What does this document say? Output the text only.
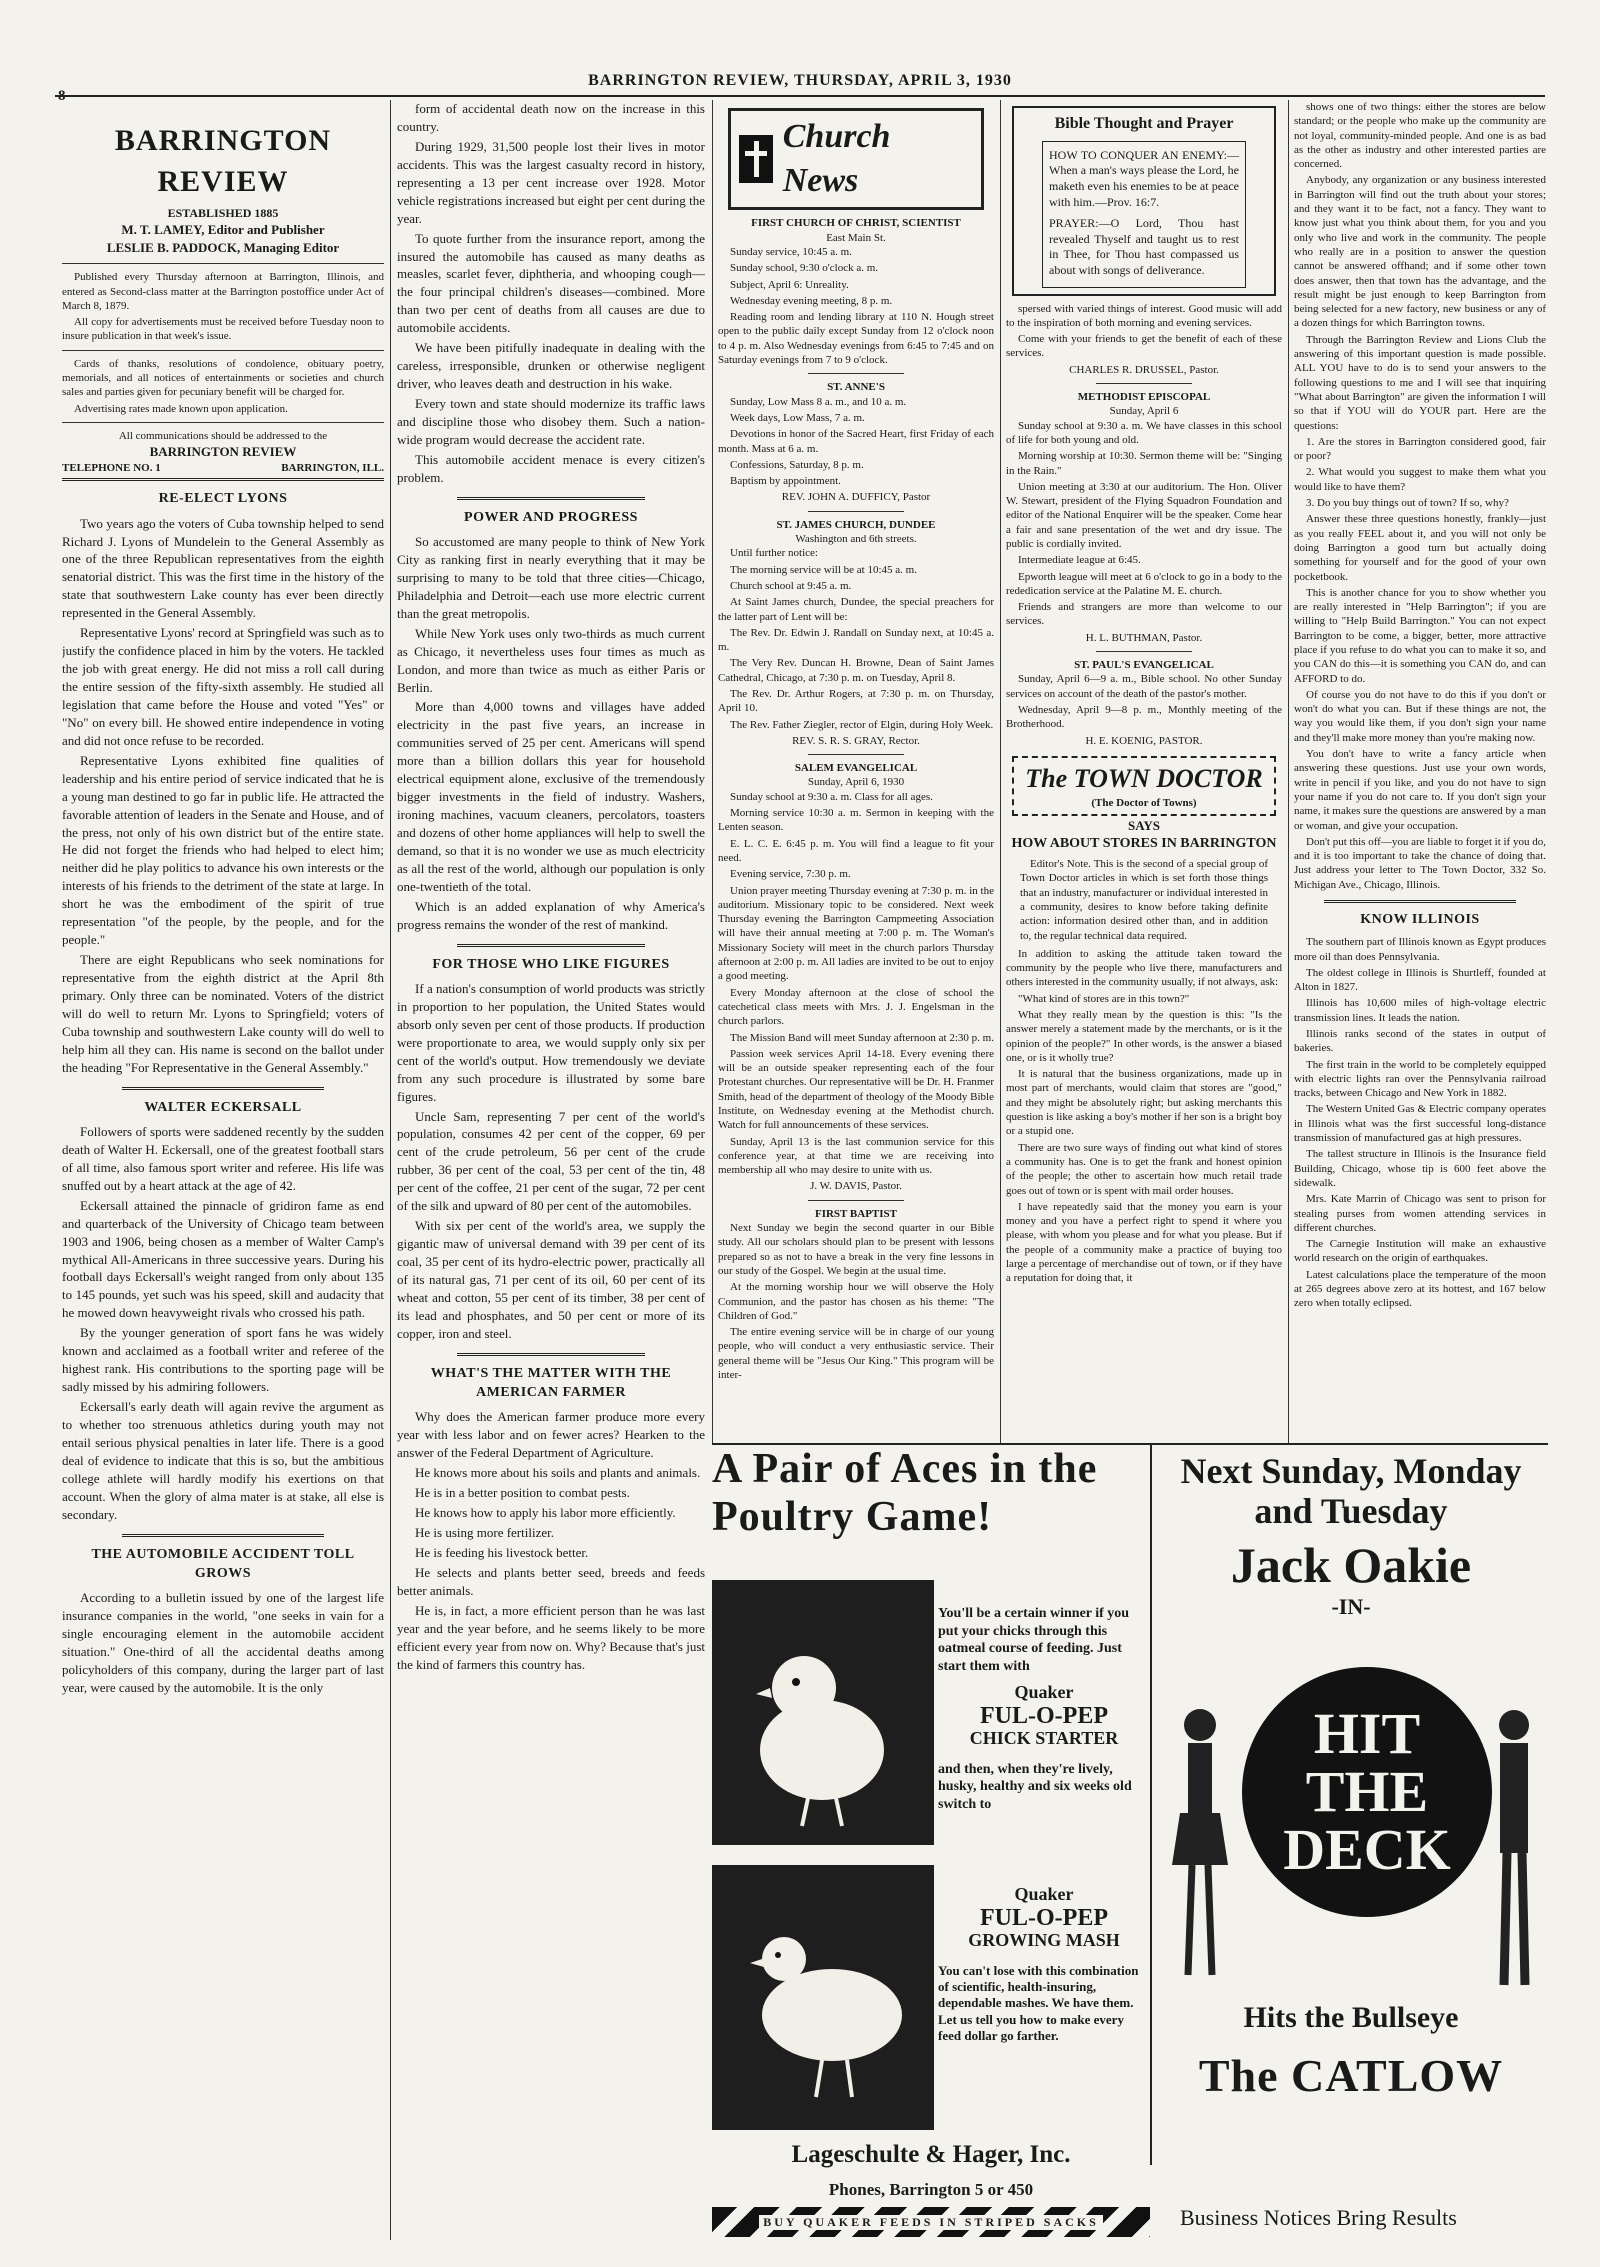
BARRINGTON REVIEW, THURSDAY, APRIL 3, 1930
BARRINGTON REVIEW
ESTABLISHED 1885
M. T. LAMEY, Editor and Publisher
LESLIE B. PADDOCK, Managing Editor

Published every Thursday afternoon at Barrington, Illinois, and entered as Second-class matter at the Barrington postoffice under Act of March 8, 1879.

All copy for advertisements must be received before Tuesday noon to insure publication in that week's issue.

Cards of thanks, resolutions of condolence, obituary poetry, memorials, and all notices of entertainments or societies and church sales and parties given for pecuniary benefit will be charged for.

Advertising rates made known upon application.

All communications should be addressed to the
BARRINGTON REVIEW
TELEPHONE NO. 1	BARRINGTON, ILL.
RE-ELECT LYONS

Two years ago the voters of Cuba township helped to send Richard J. Lyons of Mundelein to the General Assembly as one of the three Republican representatives from the eighth senatorial district. This was the first time in the history of the state that southwestern Lake county has ever been directly represented in the General Assembly.

Representative Lyons' record at Springfield was such as to justify the confidence placed in him by the voters. He tackled the job with great energy. He did not miss a roll call during the entire session of the fifty-sixth assembly. He studied all legislation that came before the House and voted "Yes" or "No" on every bill. He showed entire independence in voting and did not once refuse to be recorded.

Representative Lyons exhibited fine qualities of leadership and his entire period of service indicated that he is a young man destined to go far in public life. He attracted the favorable attention of leaders in the Senate and House, and of the press, not only of his own district but of the entire state. He did not forget the friends who had helped to elect him; neither did he play politics to advance his own interests or the interests of his friends to the detriment of the state at large. In short he was the embodiment of the spirit of true representation "of the people, by the people, and for the people."

There are eight Republicans who seek nominations for representative from the eighth district at the April 8th primary. Only three can be nominated. Voters of the district will do well to return Mr. Lyons to Springfield; voters of Cuba township and southwestern Lake county will do well to help him all they can. His name is second on the ballot under the heading "For Representative in the General Assembly."

WALTER ECKERSALL

Followers of sports were saddened recently by the sudden death of Walter H. Eckersall, one of the greatest football stars of all time, also famous sport writer and referee. His life was snuffed out by a heart attack at the age of 42.

Eckersall attained the pinnacle of gridiron fame as end and quarterback of the University of Chicago team between 1903 and 1906, being chosen as a member of Walter Camp's mythical All-Americans in three successive years. During his football days Eckersall's weight ranged from only about 135 to 145 pounds, yet such was his speed, skill and audacity that he mowed down heavyweight rivals who crossed his path.

By the younger generation of sport fans he was widely known and acclaimed as a football writer and referee of the highest rank. His contributions to the sporting page will be sadly missed by his admiring followers.

Eckersall's early death will again revive the argument as to whether too strenuous athletics during youth may not entail serious physical penalties in later life. There is a good deal of evidence to indicate that this is so, but the ambitious college athlete will hardly modify his exertions on that account. When the glory of alma mater is at stake, all else is secondary.

THE AUTOMOBILE ACCIDENT TOLL GROWS

According to a bulletin issued by one of the largest life insurance companies in the world, "one seeks in vain for a single encouraging element in the automobile accident situation." One-third of all the accidental deaths among policyholders of this company, during the larger part of last year, were caused by the automobile. It is the only

form of accidental death now on the increase in this country.

During 1929, 31,500 people lost their lives in motor accidents. This was the largest casualty record in history, representing a 13 per cent increase over 1928. Motor vehicle registrations increased but eight per cent during the year.

To quote further from the insurance report, among the insured the automobile has caused as many deaths as measles, scarlet fever, diphtheria, and whooping cough—the four principal children's diseases—combined. More than two per cent of deaths from all causes are due to automobile accidents.

We have been pitifully inadequate in dealing with the careless, irresponsible, drunken or otherwise negligent driver, who leaves death and destruction in his wake.

Every town and state should modernize its traffic laws and discipline those who disobey them. Such a nation-wide program would decrease the accident rate.

This automobile accident menace is every citizen's problem.

POWER AND PROGRESS

So accustomed are many people to think of New York City as ranking first in nearly everything that it may be surprising to many to be told that three cities—Chicago, Philadelphia and Detroit—each use more electric current than the great metropolis.

While New York uses only two-thirds as much current as Chicago, it nevertheless uses four times as much as London, and more than twice as much as either Paris or Berlin.

More than 4,000 towns and villages have added electricity in the past five years, an increase in communities served of 25 per cent. Americans will spend more than a billion dollars this year for household electrical equipment alone, exclusive of the tremendously bigger investments in the field of industry. Washers, ironing machines, vacuum cleaners, percolators, toasters and dozens of other home appliances will help to swell the demand, so that it is no wonder we use as much electricity as all the rest of the world, although our population is only one-twentieth of the total.

Which is an added explanation of why America's progress remains the wonder of the rest of mankind.

FOR THOSE WHO LIKE FIGURES

If a nation's consumption of world products was strictly in proportion to her population, the United States would absorb only seven per cent of those products. If production were proportionate to area, we would supply only six per cent of the world's output. How tremendously we deviate from any such procedure is illustrated by some bare figures.

Uncle Sam, representing 7 per cent of the world's population, consumes 42 per cent of the copper, 69 per cent of the crude petroleum, 56 per cent of the crude rubber, 36 per cent of the coal, 53 per cent of the tin, 48 per cent of the coffee, 21 per cent of the sugar, 72 per cent of the silk and upward of 80 per cent of the automobiles.

With six per cent of the world's area, we supply the gigantic maw of universal demand with 39 per cent of its coal, 35 per cent of its hydro-electric power, practically all of its natural gas, 71 per cent of its oil, 60 per cent of its wheat and cotton, 55 per cent of its timber, 38 per cent of its lead and phosphates, and 50 per cent or more of its copper, iron and steel.

WHAT'S THE MATTER WITH THE AMERICAN FARMER

Why does the American farmer produce more every year with less labor and on fewer acres? Hearken to the answer of the Federal Department of Agriculture.

He knows more about his soils and plants and animals.

He is in a better position to combat pests.

He knows how to apply his labor more efficiently.

He is using more fertilizer.

He is feeding his livestock better.

He selects and plants better seed, breeds and feeds better animals.

He is, in fact, a more efficient person than he was last year and the year before, and he seems likely to be more efficient every year from now on. Why? Because that's just the kind of farmers this country has.

Church News
FIRST CHURCH OF CHRIST, SCIENTIST
East Main St.

Sunday service, 10:45 a. m.

Sunday school, 9:30 o'clock a. m.

Subject, April 6: Unreality.

Wednesday evening meeting, 8 p. m.

Reading room and lending library at 110 N. Hough street open to the public daily except Sunday from 12 o'clock noon to 4 p. m. Also Wednesday evenings from 6:45 to 7:45 and on Saturday evenings from 7 to 9 o'clock.

ST. ANNE'S

Sunday, Low Mass 8 a. m., and 10 a. m.

Week days, Low Mass, 7 a. m.

Devotions in honor of the Sacred Heart, first Friday of each month. Mass at 6 a. m.

Confessions, Saturday, 8 p. m.

Baptism by appointment.

REV. JOHN A. DUFFICY, Pastor
ST. JAMES CHURCH, DUNDEE
Washington and 6th streets.

Until further notice:

The morning service will be at 10:45 a. m.

Church school at 9:45 a. m.

At Saint James church, Dundee, the special preachers for the latter part of Lent will be:

The Rev. Dr. Edwin J. Randall on Sunday next, at 10:45 a. m.

The Very Rev. Duncan H. Browne, Dean of Saint James Cathedral, Chicago, at 7:30 p. m. on Tuesday, April 8.

The Rev. Dr. Arthur Rogers, at 7:30 p. m. on Thursday, April 10.

The Rev. Father Ziegler, rector of Elgin, during Holy Week.

REV. S. R. S. GRAY, Rector.
SALEM EVANGELICAL
Sunday, April 6, 1930

Sunday school at 9:30 a. m. Class for all ages.

Morning service 10:30 a. m. Sermon in keeping with the Lenten season.

E. L. C. E. 6:45 p. m. You will find a league to fit your need.

Evening service, 7:30 p. m.

Union prayer meeting Thursday evening at 7:30 p. m. in the auditorium. Missionary topic to be considered. Next week Thursday evening the Barrington Campmeeting Association will have their annual meeting at 7:00 p. m. The Woman's Missionary Society will meet in the church parlors Thursday afternoon at 2:00 p. m. All ladies are invited to be out to enjoy a good meeting.

Every Monday afternoon at the close of school the catechetical class meets with Mrs. J. J. Engelsman in the church parlors.

The Mission Band will meet Sunday afternoon at 2:30 p. m.

Passion week services April 14-18. Every evening there will be an outside speaker representing each of the four Protestant churches. Our representative will be Dr. H. Franmer Smith, head of the department of theology of the Moody Bible Institute, on Wednesday evening at the Methodist church. Watch for full announcements of these services.

Sunday, April 13 is the last communion service for this conference year, at that time we are receiving into membership all who may desire to unite with us.

J. W. DAVIS, Pastor.
FIRST BAPTIST

Next Sunday we begin the second quarter in our Bible study. All our scholars should plan to be present with lessons prepared so as not to have a break in the very fine lessons in our study of the Gospel. We begin at the usual time.

At the morning worship hour we will observe the Holy Communion, and the pastor has chosen as his theme: "The Children of God."

The entire evening service will be in charge of our young people, who will conduct a very enthusiastic service. Their general theme will be "Jesus Our King." This program will be inter-

Bible Thought and Prayer

HOW TO CONQUER AN ENEMY:—When a man's ways please the Lord, he maketh even his enemies to be at peace with him.—Prov. 16:7.

PRAYER:—O Lord, Thou hast revealed Thyself and taught us to rest in Thee, for Thou hast compassed us about with songs of deliverance.

spersed with varied things of interest. Good music will add to the inspiration of both morning and evening services.

Come with your friends to get the benefit of each of these services.

CHARLES R. DRUSSEL, Pastor.
METHODIST EPISCOPAL
Sunday, April 6

Sunday school at 9:30 a. m. We have classes in this school of life for both young and old.

Morning worship at 10:30. Sermon theme will be: "Singing in the Rain."

Union meeting at 3:30 at our auditorium. The Hon. Oliver W. Stewart, president of the Flying Squadron Foundation and editor of the National Enquirer will be the speaker. Come hear a fair and sane presentation of the wet and dry issue. The public is cordially invited.

Intermediate league at 6:45.

Epworth league will meet at 6 o'clock to go in a body to the rededication service at the Palatine M. E. church.

Friends and strangers are more than welcome to our services.

H. L. BUTHMAN, Pastor.
ST. PAUL'S EVANGELICAL

Sunday, April 6—9 a. m., Bible school. No other Sunday services on account of the death of the pastor's mother.

Wednesday, April 9—8 p. m., Monthly meeting of the Brotherhood.

H. E. KOENIG, PASTOR.
The TOWN DOCTOR
(The Doctor of Towns)
SAYS
HOW ABOUT STORES IN BARRINGTON

Editor's Note. This is the second of a special group of Town Doctor articles in which is set forth those things that an industry, manufacturer or individual interested in a community, desires to know before taking definite action: information desired other than, and in addition to, the regular technical data required.

In addition to asking the attitude taken toward the community by the people who live there, manufacturers and others interested in the community usually, if not always, ask:

"What kind of stores are in this town?"

What they really mean by the question is this: "Is the answer merely a statement made by the merchants, or is it the opinion of the people?" In other words, is the answer a biased one, or is it wholly true?

It is natural that the business organizations, made up in most part of merchants, would claim that stores are "good," and they might be absolutely right; but asking merchants this question is like asking a boy's mother if her son is a bright boy or a stupid one.

There are two sure ways of finding out what kind of stores a community has. One is to get the frank and honest opinion of the people; the other to ascertain how much retail trade goes out of town or is spent with mail order houses.

I have repeatedly said that the money you earn is your money and you have a perfect right to spend it where you please, with whom you please and for what you please. But if the people of a community make a practice of buying too large a percentage of merchandise out of town, or if they have a reputation for doing that, it

shows one of two things: either the stores are below standard; or the people who make up the community are not loyal, community-minded people. And one is as bad as the other as industry and other interested parties are concerned.

Anybody, any organization or any business interested in Barrington will find out the truth about your stores; and they want it to be fact, not a fancy. They want to know just what you think about them, for you and you only who live and work in the community. The people who really are in a position to answer the question cannot be answered offhand; and if some other town does answer, then that town has the advantage, and the result might be just enough to keep Barrington from being selected for a new factory, new business or any of a dozen things for which Barrington towns.

Through the Barrington Review and Lions Club the answering of this important question is made possible. ALL YOU have to do is to send your answers to the following questions to me and I will see that inquiring "What about Barrington" are given the information I will so that if YOU will do YOUR part. Here are the questions:

1. Are the stores in Barrington considered good, fair or poor?

2. What would you suggest to make them what you would like to have them?

3. Do you buy things out of town? If so, why?

Answer these three questions honestly, frankly—just as you really FEEL about it, and you will not only be doing Barrington a good turn but actually doing something for yourself and for the good of your own pocketbook.

This is another chance for you to show whether you are really interested in "Help Barrington"; if you are willing to "Help Build Barrington." You can not expect Barrington to be come, a bigger, better, more attractive place if you refuse to do what you can to make it so, and you CAN do this—it is something you CAN do, and can AFFORD to do.

Of course you do not have to do this if you don't or won't do what you can. But if these things are not, the way you would like them, if you don't sign your name and they'll make more money than you're making now.

You don't have to write a fancy article when answering these questions. Just use your own words, write in pencil if you like, and you do not have to sign your name if you do not care to. If you don't sign your name, it makes sure the questions are answered by a man or woman, and give your occupation.

Don't put this off—you are liable to forget it if you do, and it is too important to take the chance of doing that. Just address your letter to The Town Doctor, 332 So. Michigan Ave., Chicago, Illinois.

KNOW ILLINOIS

The southern part of Illinois known as Egypt produces more oil than does Pennsylvania.

The oldest college in Illinois is Shurtleff, founded at Alton in 1827.

Illinois has 10,600 miles of high-voltage electric transmission lines. It leads the nation.

Illinois ranks second of the states in output of bakeries.

The first train in the world to be completely equipped with electric lights ran over the Pennsylvania railroad tracks, between Chicago and New York in 1882.

The Western United Gas & Electric company operates in Illinois what was the first successful long-distance transmission of manufactured gas at high pressures.

The tallest structure in Illinois is the Insurance field Building, Chicago, whose tip is 600 feet above the sidewalk.

Mrs. Kate Marrin of Chicago was sent to prison for stealing purses from women attending services in different churches.

The Carnegie Institution will make an exhaustive world research on the origin of earthquakes.

Latest calculations place the temperature of the moon at 265 degrees above zero at its hottest, and 167 below zero when totally eclipsed.

A Pair of Aces in the Poultry Game!
You'll be a certain winner if you put your chicks through this oatmeal course of feeding. Just start them with
Quaker
FUL-O-PEP
CHICK STARTER
and then, when they're lively, husky, healthy and six weeks old switch to
Quaker
FUL-O-PEP
GROWING MASH
You can't lose with this combination of scientific, health-insuring, dependable mashes. We have them. Let us tell you how to make every feed dollar go farther.
Lageschulte & Hager, Inc.
Phones, Barrington 5 or 450
BUY QUAKER FEEDS IN STRIPED SACKS
Next Sunday, Monday and Tuesday
Jack Oakie
-IN-
HIT
THE
DECK
Hits the Bullseye
The CATLOW
Business Notices Bring Results
